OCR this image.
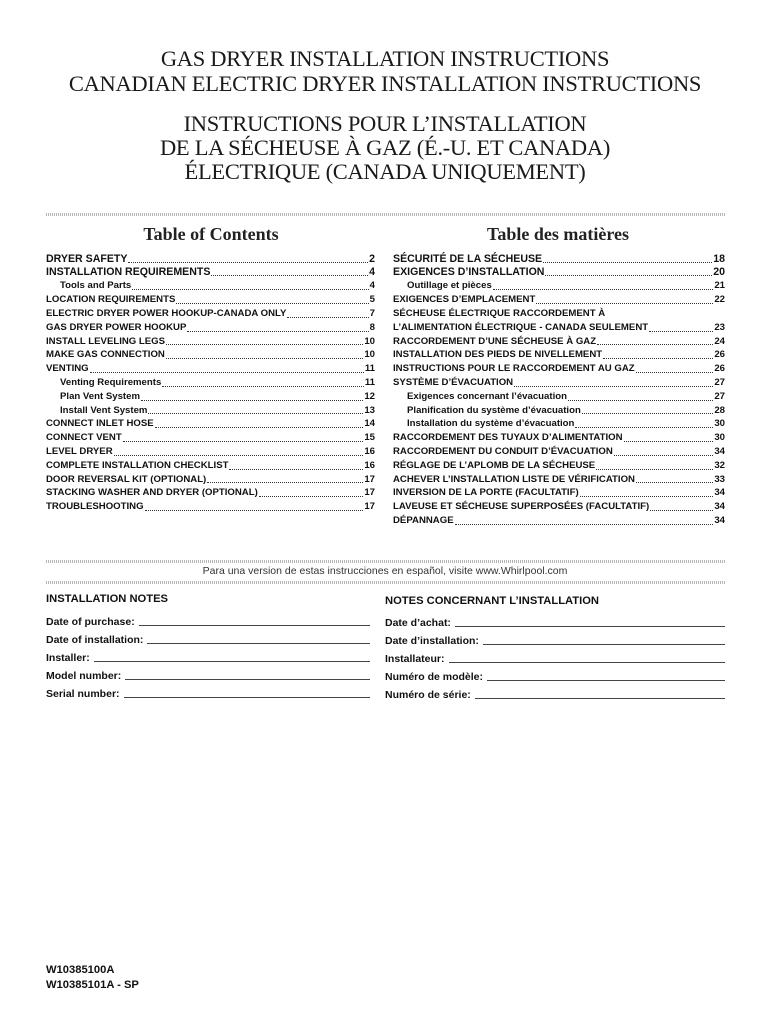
GAS DRYER INSTALLATION INSTRUCTIONS
CANADIAN ELECTRIC DRYER INSTALLATION INSTRUCTIONS
INSTRUCTIONS POUR L’INSTALLATION
DE LA SÉCHEUSE À GAZ (É.-U. ET CANADA)
ÉLECTRIQUE (CANADA UNIQUEMENT)
Table of Contents	Table des matières
DRYER SAFETY	2
INSTALLATION REQUIREMENTS	4
Tools and Parts	4
LOCATION REQUIREMENTS	5
ELECTRIC DRYER POWER HOOKUP-CANADA ONLY	7
GAS DRYER POWER HOOKUP	8
INSTALL LEVELING LEGS	10
MAKE GAS CONNECTION	10
VENTING	11
Venting Requirements	11
Plan Vent System	12
Install Vent System	13
CONNECT INLET HOSE	14
CONNECT VENT	15
LEVEL DRYER	16
COMPLETE INSTALLATION CHECKLIST	16
DOOR REVERSAL KIT (OPTIONAL)	17
STACKING WASHER AND DRYER (OPTIONAL)	17
TROUBLESHOOTING	17
SÉCURITÉ DE LA SÉCHEUSE	18
EXIGENCES D’INSTALLATION	20
Outillage et pièces	21
EXIGENCES D’EMPLACEMENT	22
SÉCHEUSE ÉLECTRIQUE RACCORDEMENT À
L’ALIMENTATION ÉLECTRIQUE - CANADA SEULEMENT	23
RACCORDEMENT D’UNE SÉCHEUSE À GAZ	24
INSTALLATION DES PIEDS DE NIVELLEMENT	26
INSTRUCTIONS POUR LE RACCORDEMENT AU GAZ	26
SYSTÈME D’ÉVACUATION	27
Exigences concernant l’évacuation	27
Planification du système d’évacuation	28
Installation du système d’évacuation	30
RACCORDEMENT DES TUYAUX D’ALIMENTATION	30
RACCORDEMENT DU CONDUIT D’ÉVACUATION	34
RÉGLAGE DE L’APLOMB DE LA SÉCHEUSE	32
ACHEVER L’INSTALLATION LISTE DE VÉRIFICATION	33
INVERSION DE LA PORTE (FACULTATIF)	34
LAVEUSE ET SÉCHEUSE SUPERPOSÉES (FACULTATIF)	34
DÉPANNAGE	34
Para una version de estas instrucciones en español, visite www.Whirlpool.com
INSTALLATION NOTES	NOTES CONCERNANT L’INSTALLATION
Date of purchase:
Date of installation:
Installer:
Model number:
Serial number:
Date d’achat:
Date d’installation:
Installateur:
Numéro de modèle:
Numéro de série:
W10385100A
W10385101A - SP
